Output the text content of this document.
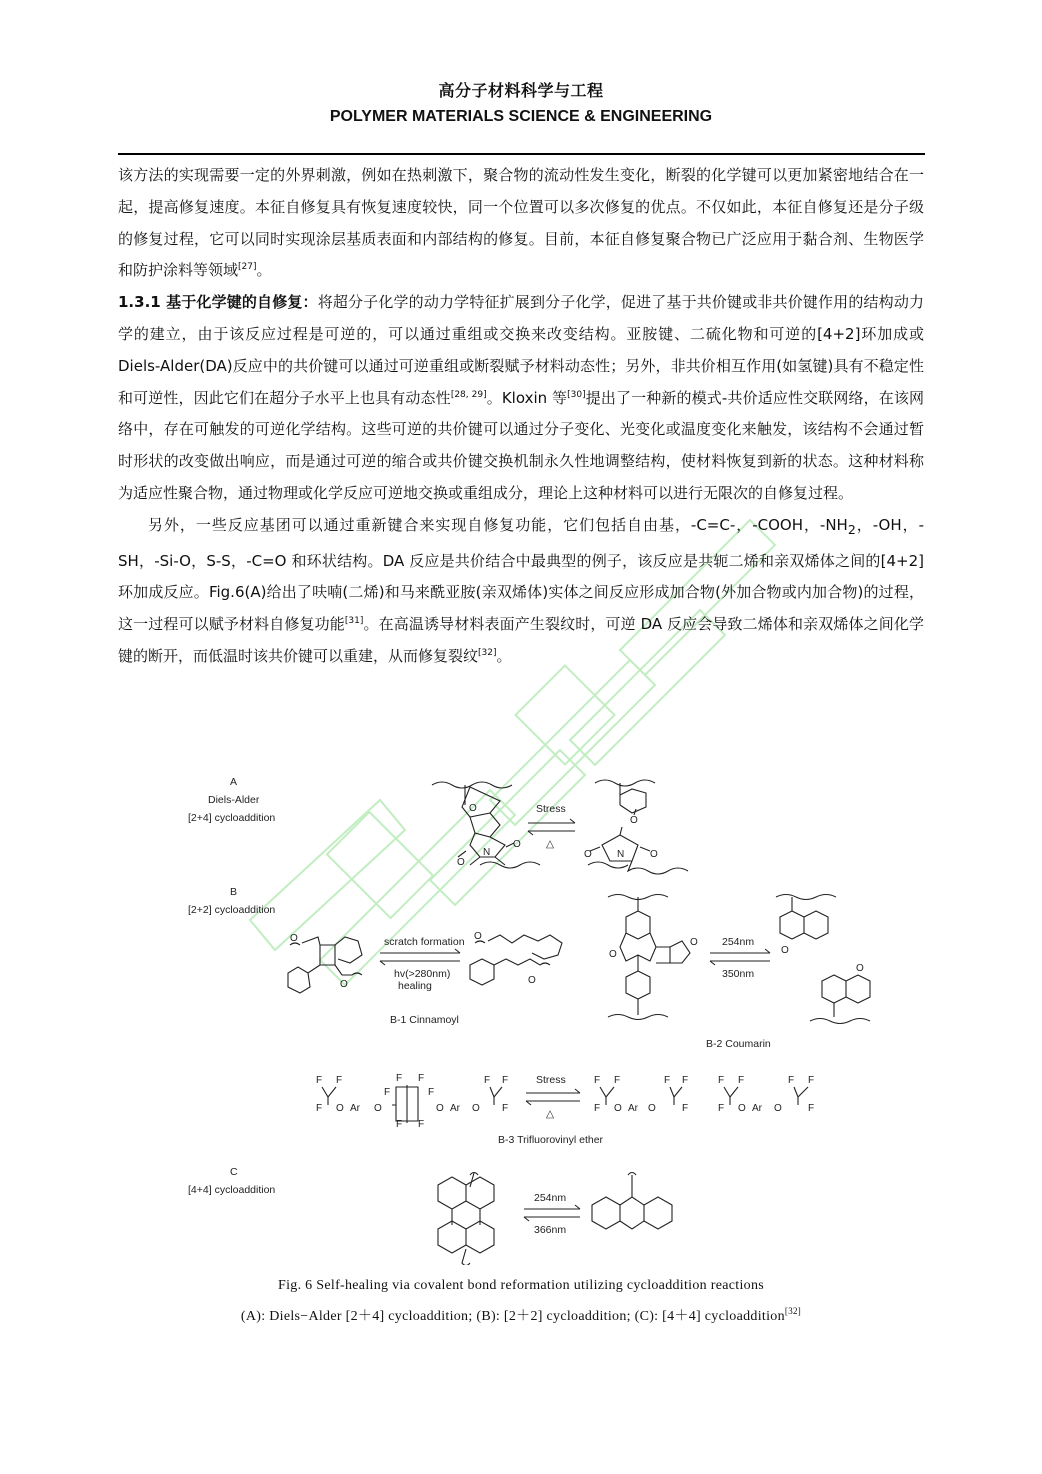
高分子材料科学与工程
POLYMER MATERIALS SCIENCE & ENGINEERING

该方法的实现需要一定的外界刺激，例如在热刺激下，聚合物的流动性发生变化，断裂的化学键可以更加紧密地结合在一起，提高修复速度。本征自修复具有恢复速度较快，同一个位置可以多次修复的优点。不仅如此，本征自修复还是分子级的修复过程，它可以同时实现涂层基质表面和内部结构的修复。目前，本征自修复聚合物已广泛应用于黏合剂、生物医学和防护涂料等领域[27]。

1.3.1 基于化学键的自修复：将超分子化学的动力学特征扩展到分子化学，促进了基于共价键或非共价键作用的结构动力学的建立，由于该反应过程是可逆的，可以通过重组或交换来改变结构。亚胺键、二硫化物和可逆的[4+2]环加成或 Diels-Alder(DA)反应中的共价键可以通过可逆重组或断裂赋予材料动态性；另外，非共价相互作用(如氢键)具有不稳定性和可逆性，因此它们在超分子水平上也具有动态性[28, 29]。Kloxin 等[30]提出了一种新的模式-共价适应性交联网络，在该网络中，存在可触发的可逆化学结构。这些可逆的共价键可以通过分子变化、光变化或温度变化来触发，该结构不会通过暂时形状的改变做出响应，而是通过可逆的缩合或共价键交换机制永久性地调整结构，使材料恢复到新的状态。这种材料称为适应性聚合物，通过物理或化学反应可逆地交换或重组成分，理论上这种材料可以进行无限次的自修复过程。

另外，一些反应基团可以通过重新键合来实现自修复功能，它们包括自由基，-C=C-，-COOH，$-NH_2$，-OH，-SH，-Si-O，S-S，-C=O 和环状结构。DA 反应是共价结合中最典型的例子，该反应是共轭二烯和亲双烯体之间的[4+2]环加成反应。Fig.6(A)给出了呋喃(二烯)和马来酰亚胺(亲双烯体)实体之间反应形成加合物(外加合物或内加合物)的过程，这一过程可以赋予材料自修复功能[31]。在高温诱导材料表面产生裂纹时，可逆 DA 反应会导致二烯体和亲双烯体之间化学键的断开，而低温时该共价键可以重建，从而修复裂纹[32]。

A
Diels-Alder
[2+4] cycloaddition
O
O
N
O	Stress
△
O
O	O
N
B
[2+2] cycloaddition
O
O
scratch formation
hv(>280nm)
healing
O
O
B-1 Cinnamoyl
O
O 254nm
350nm
O
O
B-2 Coumarin
F F
F O Ar O
F F
F F
F	F
O Ar O
F F
F
Stress
△
F F
F O Ar O
F F
F
F F
F O Ar O
F F
F
B-3 Trifluorovinyl ether
C
[4+4] cycloaddition
254nm
366nm
Fig. 6 Self-healing via covalent bond reformation utilizing cycloaddition reactions
(A): Diels−Alder [2＋4] cycloaddition; (B): [2＋2] cycloaddition; (C): [4＋4] cycloaddition[32]
